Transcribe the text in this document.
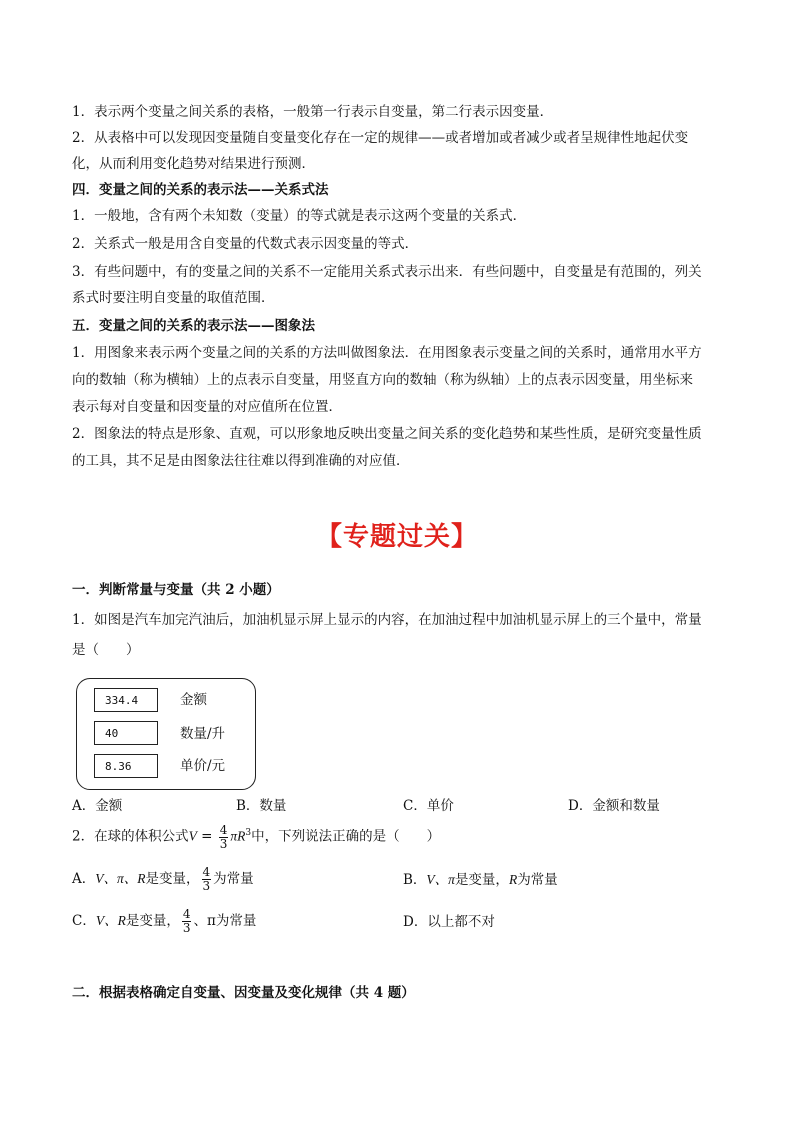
1．表示两个变量之间关系的表格，一般第一行表示自变量，第二行表示因变量．
2．从表格中可以发现因变量随自变量变化存在一定的规律——或者增加或者减少或者呈规律性地起伏变
化，从而利用变化趋势对结果进行预测．
四．变量之间的关系的表示法——关系式法
1．一般地，含有两个未知数（变量）的等式就是表示这两个变量的关系式．
2．关系式一般是用含自变量的代数式表示因变量的等式．
3．有些问题中，有的变量之间的关系不一定能用关系式表示出来．有些问题中，自变量是有范围的，列关
系式时要注明自变量的取值范围．
五．变量之间的关系的表示法——图象法
1．用图象来表示两个变量之间的关系的方法叫做图象法．在用图象表示变量之间的关系时，通常用水平方
向的数轴（称为横轴）上的点表示自变量，用竖直方向的数轴（称为纵轴）上的点表示因变量，用坐标来
表示每对自变量和因变量的对应值所在位置．
2．图象法的特点是形象、直观，可以形象地反映出变量之间关系的变化趋势和某些性质，是研究变量性质
的工具，其不足是由图象法往往难以得到准确的对应值．
【专题过关】
一．判断常量与变量（共 2 小题）
1．如图是汽车加完汽油后，加油机显示屏上显示的内容，在加油过程中加油机显示屏上的三个量中，常量
是（　　）
334.4	金额
40	数量/升
8.36	单价/元
A．金额	B．数量	C．单价	D．金额和数量
2．在球的体积公式$V = \frac{4}{3} \pi R^3$中，下列说法正确的是（　　）
A．V、π、R是变量， $\frac{4}{3}$ 为常量	B．V、π是变量，R为常量
C．V、R是变量， $\frac{4}{3}$ 、π为常量	D．以上都不对
二．根据表格确定自变量、因变量及变化规律（共 4 题）
